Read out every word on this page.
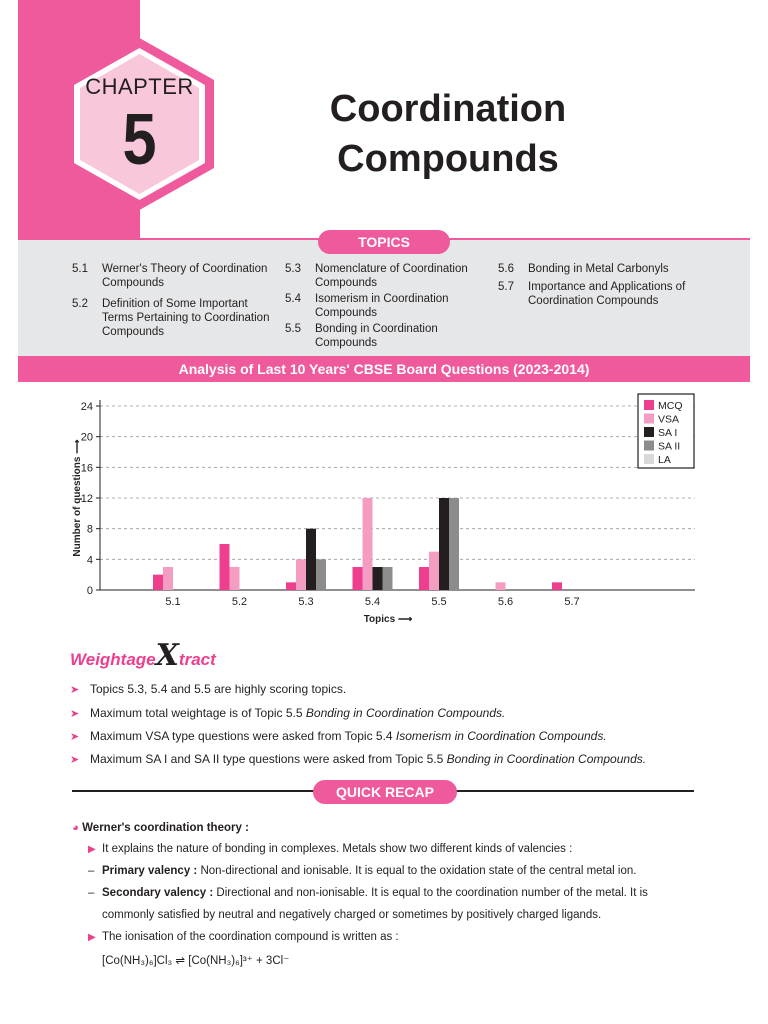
CHAPTER
5	Coordination
Compounds
TOPICS
5.1 Werner's Theory of Coordination Compounds
5.2 Definition of Some Important Terms Pertaining to Coordination Compounds
5.3 Nomenclature of Coordination Compounds
5.4 Isomerism in Coordination Compounds
5.5 Bonding in Coordination Compounds
5.6 Bonding in Metal Carbonyls
5.7 Importance and Applications of Coordination Compounds
Analysis of Last 10 Years' CBSE Board Questions (2023-2014)
0
4
8
12
16
20
24
5.1	5.2	5.3	5.4	5.5	5.6	5.7
Topics ⟶
Number of questions ⟶
MCQ
VSA
SA I
SA II
LA
WeightageXtract
➤ Topics 5.3, 5.4 and 5.5 are highly scoring topics.
➤ Maximum total weightage is of Topic 5.5 Bonding in Coordination Compounds.
➤ Maximum VSA type questions were asked from Topic 5.4 Isomerism in Coordination Compounds.
➤ Maximum SA I and SA II type questions were asked from Topic 5.5 Bonding in Coordination Compounds.
QUICK RECAP
◕ Werner's coordination theory :
▶ It explains the nature of bonding in complexes. Metals show two different kinds of valencies :
– Primary valency : Non-directional and ionisable. It is equal to the oxidation state of the central metal ion.
– Secondary valency : Directional and non-ionisable. It is equal to the coordination number of the metal. It is
commonly satisfied by neutral and negatively charged or sometimes by positively charged ligands.
▶ The ionisation of the coordination compound is written as :
[Co(NH₃)₆]Cl₃ ⇌ [Co(NH₃)₆]³⁺ + 3Cl⁻
